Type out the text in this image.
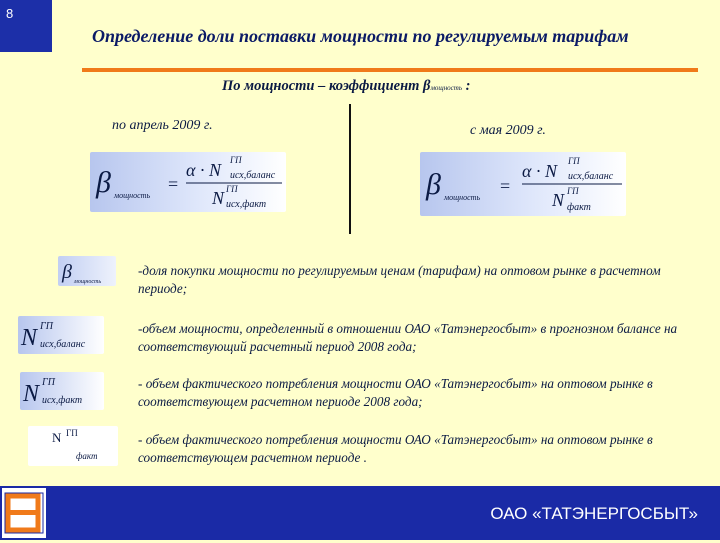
8
Определение доли поставки мощности по регулируемым тарифам
По мощности – коэффициент βмощность :
по апрель 2009 г.	с мая 2009 г.
β мощность
=
α · N ГП
исх,баланс
N ГП
исх,факт
β мощность
=
α · N ГП
исх,баланс
N ГП
факт
β мощность
N ГП
исх,баланс
N ГП
исх,факт
N ГП
факт
-доля покупки мощности по регулируемым ценам (тарифам) на оптовом рынке в расчетном периоде;
-объем мощности, определенный в отношении ОАО «Татэнергосбыт» в прогнозном балансе на соответствующий расчетный период 2008 года;
- объем фактического потребления мощности ОАО «Татэнергосбыт» на оптовом рынке в соответствующем расчетном периоде 2008 года;
- объем фактического потребления мощности ОАО «Татэнергосбыт» на оптовом рынке в соответствующем расчетном периоде .
ОАО «ТАТЭНЕРГОСБЫТ»
